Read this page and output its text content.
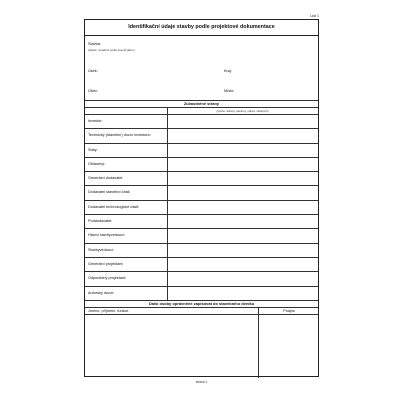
List 1
Identifikační údaje stavby podle projektové dokumentace
Stavba:
(objekt, označení podle kmenů plánu)
Úsek:	Kraj:
Obec:	Místo:
Zúčastněné strany
(jméno, adresy, telefony, odpov. zástupců)
Investor:
Technický (stavební) dozor investora:
Státy:
Ohlasený:
Generální dodavatel:
Dodavatel stavební části:
Dodavatel technologické části:
Poddodavatel:
Hlavní stavbyvedoucí:
Stavbyvedoucí:
Generální projektant:
Odpovědný projektant:
Autorský dozor:
Další osoby oprávněné zapisovat do stavebního deníku
Jméno, příjmení, funkce	Podpis
strana 1
